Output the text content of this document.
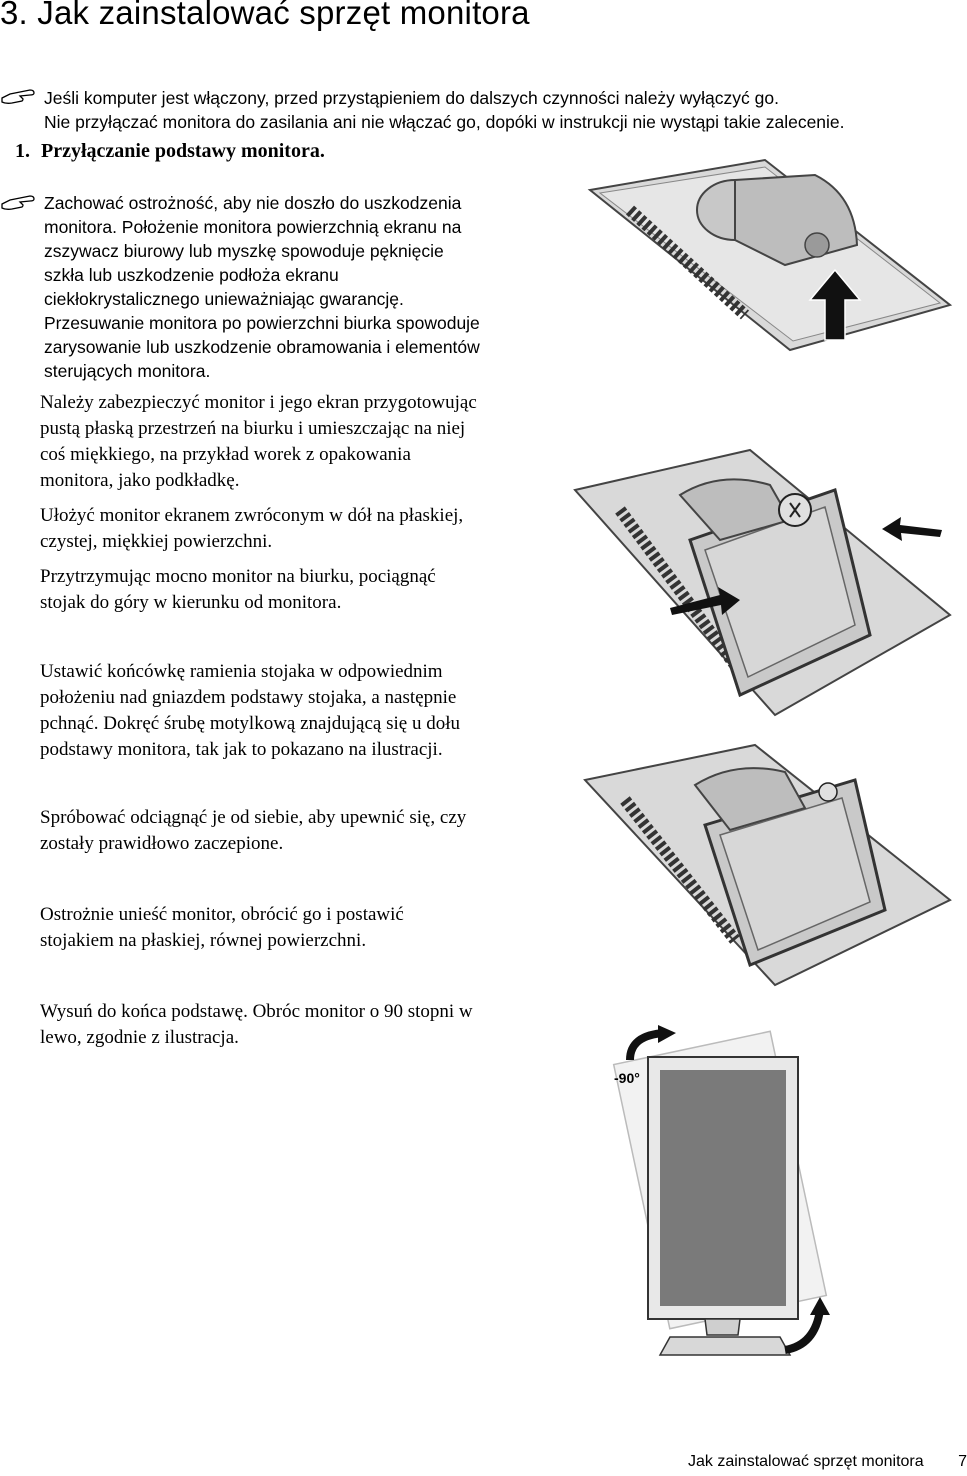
3. Jak zainstalować sprzęt monitora
Jeśli komputer jest włączony, przed przystąpieniem do dalszych czynności należy wyłączyć go.
Nie przyłączać monitora do zasilania ani nie włączać go, dopóki w instrukcji nie wystąpi takie zalecenie.
1. Przyłączanie podstawy monitora.
Zachować ostrożność, aby nie doszło do uszkodzenia
monitora. Położenie monitora powierzchnią ekranu na
zszywacz biurowy lub myszkę spowoduje pęknięcie
szkła lub uszkodzenie podłoża ekranu
ciekłokrystalicznego unieważniając gwarancję.
Przesuwanie monitora po powierzchni biurka spowoduje
zarysowanie lub uszkodzenie obramowania i elementów
sterujących monitora.
Należy zabezpieczyć monitor i jego ekran przygotowując
pustą płaską przestrzeń na biurku i umieszczając na niej
coś miękkiego, na przykład worek z opakowania
monitora, jako podkładkę.
Ułożyć monitor ekranem zwróconym w dół na płaskiej,
czystej, miękkiej powierzchni.
Przytrzymując mocno monitor na biurku, pociągnąć
stojak do góry w kierunku od monitora.
Ustawić końcówkę ramienia stojaka w odpowiednim
położeniu nad gniazdem podstawy stojaka, a następnie
pchnąć. Dokręć śrubę motylkową znajdującą się u dołu
podstawy monitora, tak jak to pokazano na ilustracji.
Spróbować odciągnąć je od siebie, aby upewnić się, czy
zostały prawidłowo zaczepione.
Ostrożnie unieść monitor, obrócić go i postawić
stojakiem na płaskiej, równej powierzchni.
Wysuń do końca podstawę. Obróc monitor o 90 stopni w
lewo, zgodnie z ilustracja.
-90°
Jak zainstalować sprzęt monitora 7
